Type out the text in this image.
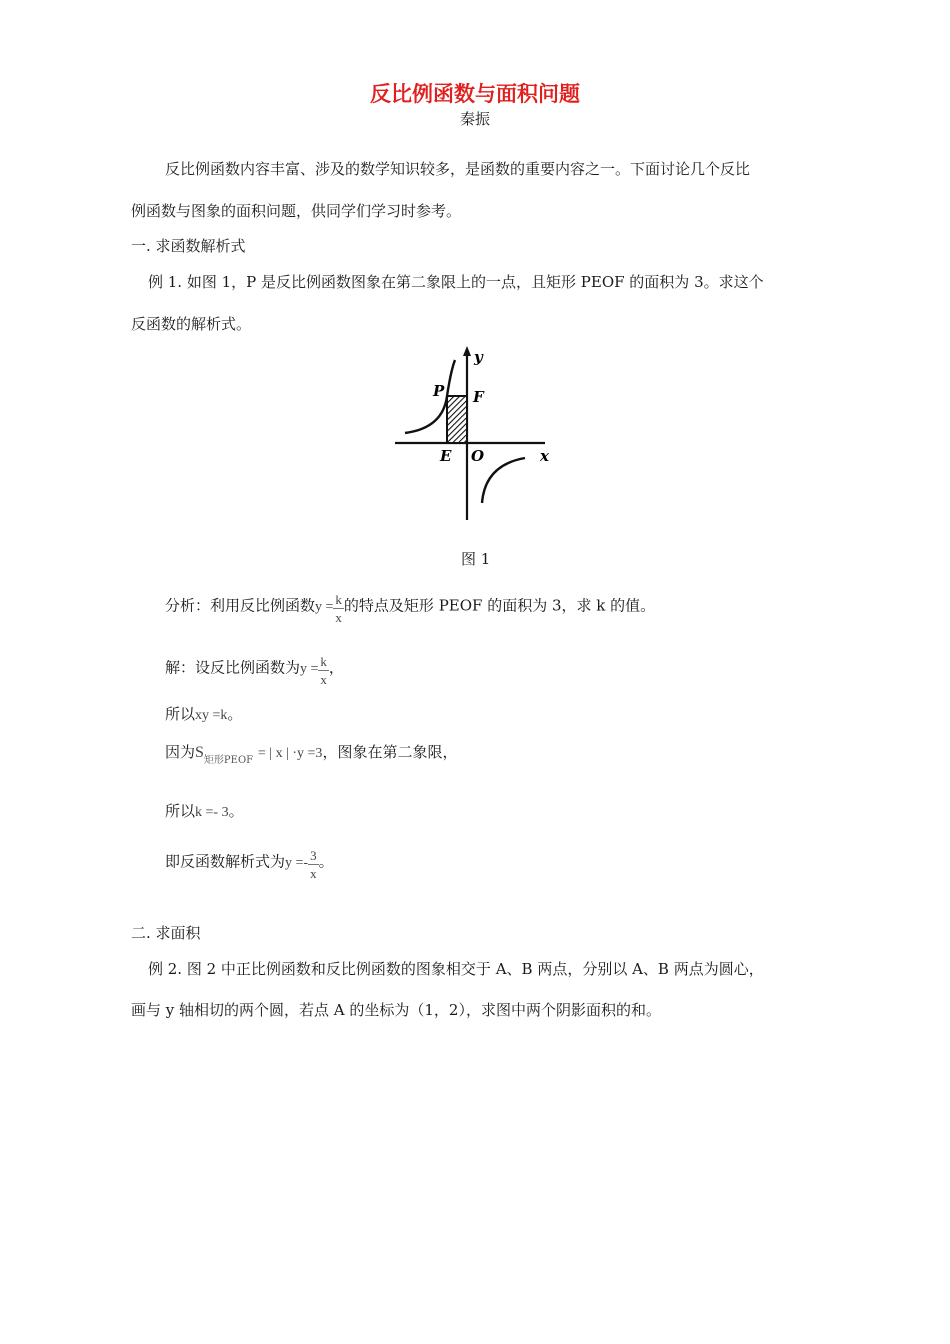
反比例函数与面积问题
秦振
反比例函数内容丰富、涉及的数学知识较多，是函数的重要内容之一。下面讨论几个反比
例函数与图象的面积问题，供同学们学习时参考。
一. 求函数解析式
例 1. 如图 1，P 是反比例函数图象在第二象限上的一点，且矩形 PEOF 的面积为 3。求这个
反函数的解析式。
y
P F
E O	x
图 1
分析：利用反比例函数$y = \frac{k}{x}$ 的特点及矩形 PEOF 的面积为 3，求 k 的值。
解：设反比例函数为$y = \frac{k}{x}$ ，
所以xy =k。
因为$S_{矩形PEOF}$ = | x | ·y =3，图象在第二象限，
所以k =- 3。
即反函数解析式为$y =- \frac{3}{x}$ 。
二. 求面积
例 2. 图 2 中正比例函数和反比例函数的图象相交于 A、B 两点，分别以 A、B 两点为圆心，
画与 y 轴相切的两个圆，若点 A 的坐标为（1，2），求图中两个阴影面积的和。
